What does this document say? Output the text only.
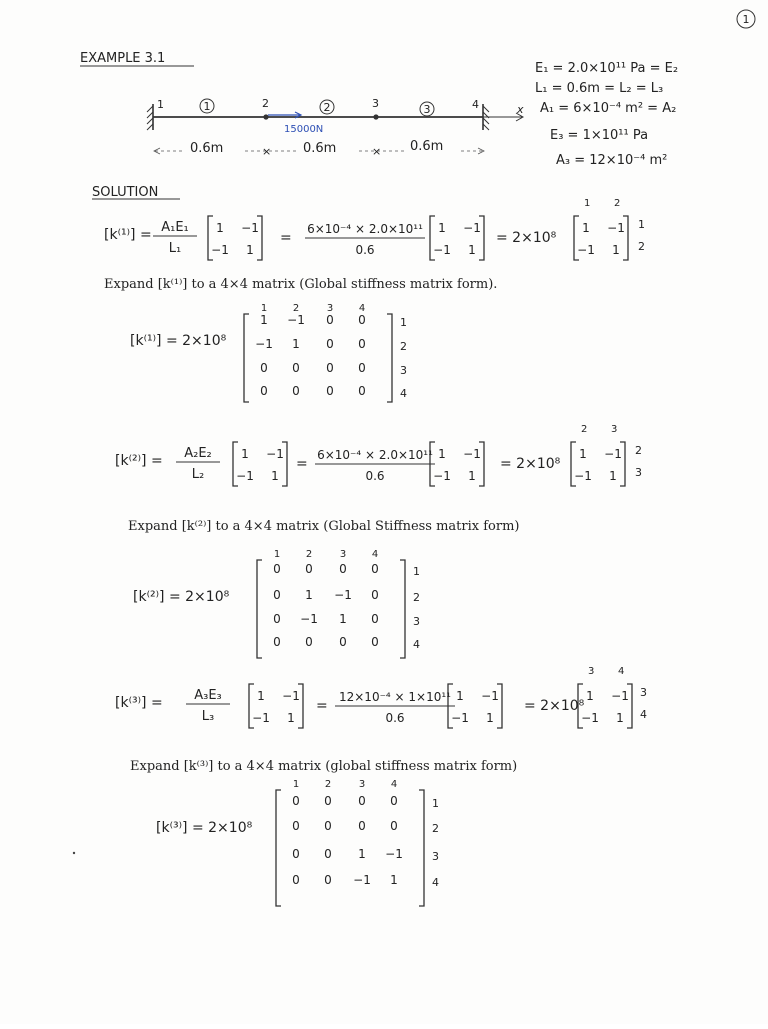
1
EXAMPLE 3.1
x
1	2	3	4
1	2	3
15000N
×	×
0.6m	0.6m	0.6m
E₁ = 2.0×10¹¹ Pa = E₂
L₁ = 0.6m = L₂ = L₃
A₁ = 6×10⁻⁴ m² = A₂
E₃ = 1×10¹¹ Pa
A₃ = 12×10⁻⁴ m²
SOLUTION
[k⁽¹⁾] = A₁E₁
L₁
1 −1
−1 1
=
6×10⁻⁴ × 2.0×10¹¹
0.6
1 −1
−1 1
= 2×10⁸
1 −1
−1 1
1 2
1
2
[k⁽²⁾] = A₂E₂
L₂
1 −1
−1 1
=
6×10⁻⁴ × 2.0×10¹¹
0.6
1 −1
−1 1
= 2×10⁸
1 −1
−1 1
2 3
2
3
[k⁽³⁾] = A₃E₃
L₃
1 −1
−1 1
=
12×10⁻⁴ × 1×10¹¹
0.6
1 −1
−1 1
= 2×10⁸
1 −1
−1 1
3 4
3
4
Expand [k⁽¹⁾] to a 4×4 matrix (Global stiffness matrix form).
Expand [k⁽²⁾] to a 4×4 matrix (Global Stiffness matrix form)
Expand [k⁽³⁾] to a 4×4 matrix (global stiffness matrix form)
[k⁽¹⁾] = 2×10⁸
1
1
2
2
3
3
4
4
1 −1 0 0
−1 1 0 0
0 0 0 0
0 0 0 0
[k⁽²⁾] = 2×10⁸
1
1
2
2
3
3
4
4
0 0 0 0
0 1 −1 0
0 −1 1 0
0 0 0 0
[k⁽³⁾] = 2×10⁸
1
1
2
2
3
3
4
4
0 0 0 0
0 0 0 0
0 0 1 −1
0 0 −1 1
